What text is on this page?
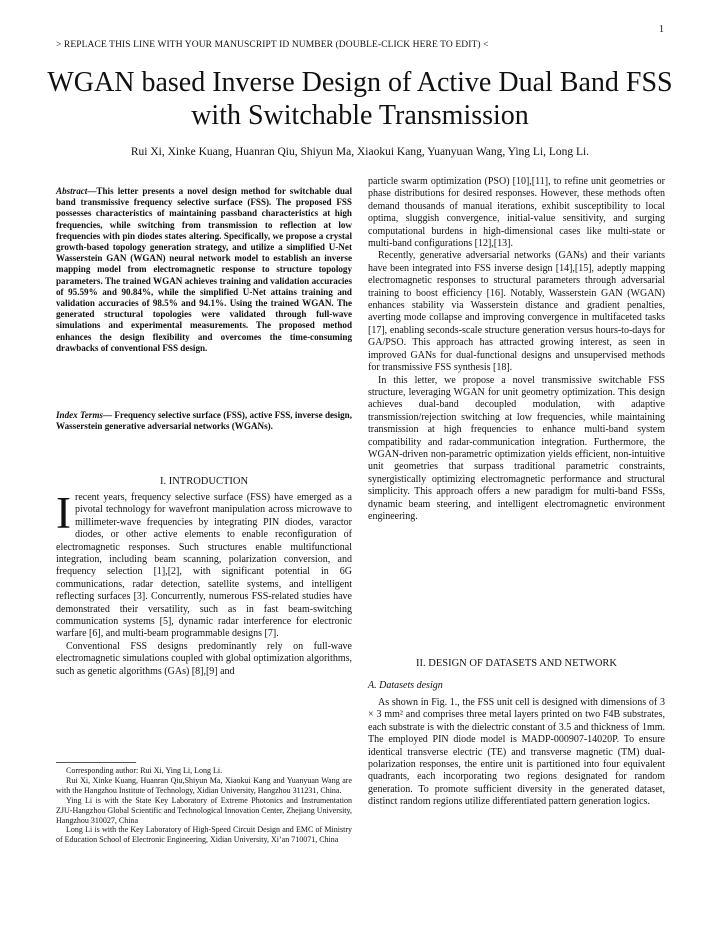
1
> REPLACE THIS LINE WITH YOUR MANUSCRIPT ID NUMBER (DOUBLE-CLICK HERE TO EDIT) <
WGAN based Inverse Design of Active Dual Band FSS with Switchable Transmission
Rui Xi, Xinke Kuang, Huanran Qiu, Shiyun Ma, Xiaokui Kang, Yuanyuan Wang, Ying Li, Long Li.
Abstract—This letter presents a novel design method for switchable dual band transmissive frequency selective surface (FSS). The proposed FSS possesses characteristics of maintaining passband characteristics at high frequencies, while switching from transmission to reflection at low frequencies with pin diodes states altering. Specifically, we propose a crystal growth-based topology generation strategy, and utilize a simplified U-Net Wasserstein GAN (WGAN) neural network model to establish an inverse mapping model from electromagnetic response to structure topology parameters. The trained WGAN achieves training and validation accuracies of 95.59% and 90.84%, while the simplified U-Net attains training and validation accuracies of 98.5% and 94.1%. Using the trained WGAN. The generated structural topologies were validated through full-wave simulations and experimental measurements. The proposed method enhances the design flexibility and overcomes the time-consuming drawbacks of conventional FSS design.
Index Terms— Frequency selective surface (FSS), active FSS, inverse design, Wasserstein generative adversarial networks (WGANs).

I. INTRODUCTION

Irecent years, frequency selective surface (FSS) have emerged as a pivotal technology for wavefront manipulation across microwave to millimeter-wave frequencies by integrating PIN diodes, varactor diodes, or other active elements to enable reconfiguration of electromagnetic responses. Such structures enable multifunctional integration, including beam scanning, polarization conversion, and frequency selection [1],[2], with significant potential in 6G communications, radar detection, satellite systems, and intelligent reflecting surfaces [3]. Concurrently, numerous FSS-related studies have demonstrated their versatility, such as in fast beam-switching communication systems [5], dynamic radar interference for electronic warfare [6], and multi-beam programmable designs [7].

Conventional FSS designs predominantly rely on full-wave electromagnetic simulations coupled with global optimization algorithms, such as genetic algorithms (GAs) [8],[9] and

Corresponding author: Rui Xi, Ying Li, Long Li.

Rui Xi, Xinke Kuang, Huanran Qiu,Shiyun Ma, Xiaokui Kang and Yuanyuan Wang are with the Hangzhou Institute of Technology, Xidian University, Hangzhou 311231, China.

Ying Li is with the State Key Laboratory of Extreme Photonics and Instrumentation ZJU-Hangzhou Global Scientific and Technological Innovation Center, Zhejiang University, Hangzhou 310027, China

Long Li is with the Key Laboratory of High-Speed Circuit Design and EMC of Ministry of Education School of Electronic Engineering, Xidian University, Xi’an 710071, China

particle swarm optimization (PSO) [10],[11], to refine unit geometries or phase distributions for desired responses. However, these methods often demand thousands of manual iterations, exhibit susceptibility to local optima, sluggish convergence, initial-value sensitivity, and surging computational burdens in high-dimensional cases like multi-state or multi-band configurations [12],[13].

Recently, generative adversarial networks (GANs) and their variants have been integrated into FSS inverse design [14],[15], adeptly mapping electromagnetic responses to structural parameters through adversarial training to boost efficiency [16]. Notably, Wasserstein GAN (WGAN) enhances stability via Wasserstein distance and gradient penalties, averting mode collapse and improving convergence in multifaceted tasks [17], enabling seconds-scale structure generation versus hours-to-days for GA/PSO. This approach has attracted growing interest, as seen in improved GANs for dual-functional designs and unsupervised methods for transmissive FSS synthesis [18].

In this letter, we propose a novel transmissive switchable FSS structure, leveraging WGAN for unit geometry optimization. This design achieves dual-band decoupled modulation, with adaptive transmission/rejection switching at low frequencies, while maintaining transmission at high frequencies to enhance multi-band system compatibility and radar-communication integration. Furthermore, the WGAN-driven non-parametric optimization yields efficient, non-intuitive unit geometries that surpass traditional parametric constraints, synergistically optimizing electromagnetic performance and structural simplicity. This approach offers a new paradigm for multi-band FSSs, dynamic beam steering, and intelligent electromagnetic environment engineering.

II. DESIGN OF DATASETS AND NETWORK

A. Datasets design

As shown in Fig. 1., the FSS unit cell is designed with dimensions of 3 × 3 mm² and comprises three metal layers printed on two F4B substrates, each substrate is with the dielectric constant of 3.5 and thickness of 1mm. The employed PIN diode model is MADP-000907-14020P. To ensure identical transverse electric (TE) and transverse magnetic (TM) dual-polarization responses, the entire unit is partitioned into four equivalent quadrants, each incorporating two regions designated for random generation. To promote sufficient diversity in the generated dataset, distinct random regions utilize differentiated pattern generation logics.
